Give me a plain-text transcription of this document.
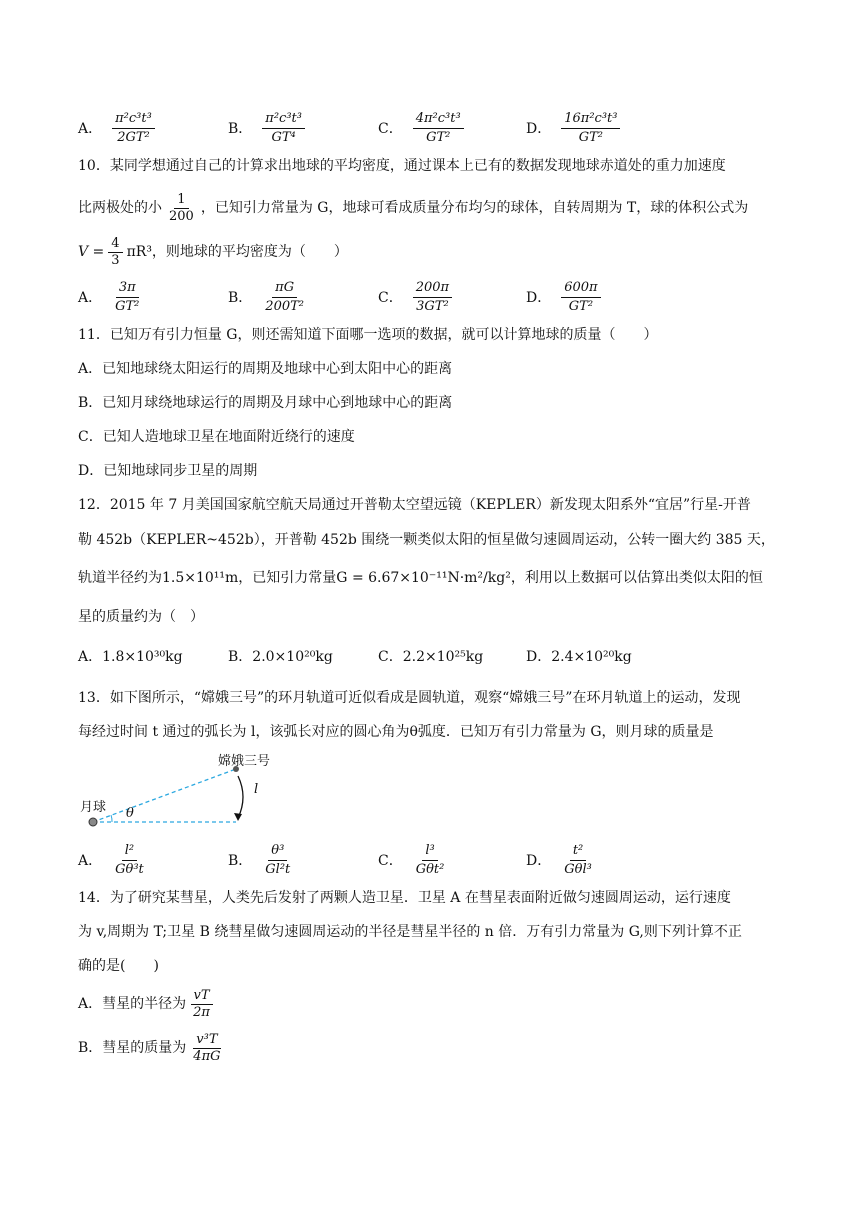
A． $\frac{\text{π²c³t³}}{\text{2GT²}}$	B． $\frac{\text{π²c³t³}}{\text{GT⁴}}$	C． $\frac{\text{4π²c³t³}}{\text{GT²}}$	D． $\frac{\text{16π²c³t³}}{\text{GT²}}$
10．某同学想通过自己的计算求出地球的平均密度，通过课本上已有的数据发现地球赤道处的重力加速度
比两极处的小 $\frac{1}{200}$ ，已知引力常量为 G，地球可看成质量分布均匀的球体，自转周期为 T，球的体积公式为
$V = \frac{4}{3} \pi R^3$，则地球的平均密度为（　　）
A． $\frac{3\pi}{\text{GT²}}$	B． $\frac{\pi G}{\text{200T²}}$	C． $\frac{200\pi}{\text{3GT²}}$	D． $\frac{600\pi}{\text{GT²}}$
11．已知万有引力恒量 G，则还需知道下面哪一选项的数据，就可以计算地球的质量（　　）
A．已知地球绕太阳运行的周期及地球中心到太阳中心的距离
B．已知月球绕地球运行的周期及月球中心到地球中心的距离
C．已知人造地球卫星在地面附近绕行的速度
D．已知地球同步卫星的周期
12．2015 年 7 月美国国家航空航天局通过开普勒太空望远镜（KEPLER）新发现太阳系外“宜居”行星-开普
勒 452b（KEPLER~452b），开普勒 452b 围绕一颗类似太阳的恒星做匀速圆周运动，公转一圈大约 385 天，
轨道半径约为1.5×10¹¹m，已知引力常量G = 6.67×10⁻¹¹N·m²/kg²，利用以上数据可以估算出类似太阳的恒
星的质量约为（　）
A．1.8×10³⁰kg	B．2.0×10²⁰kg	C．2.2×10²⁵kg	D．2.4×10²⁰kg
13．如下图所示，“嫦娥三号”的环月轨道可近似看成是圆轨道，观察“嫦娥三号”在环月轨道上的运动，发现
每经过时间 t 通过的弧长为 l，该弧长对应的圆心角为θ弧度．已知万有引力常量为 G，则月球的质量是
嫦娥三号
月球
l
θ
A． $\frac{\text{l²}}{\text{Gθ³t}}$	B． $\frac{\text{θ³}}{\text{Gl²t}}$	C． $\frac{\text{l³}}{\text{Gθt²}}$	D． $\frac{\text{t²}}{\text{Gθl³}}$
14．为了研究某彗星，人类先后发射了两颗人造卫星．卫星 A 在彗星表面附近做匀速圆周运动，运行速度
为 v,周期为 T;卫星 B 绕彗星做匀速圆周运动的半径是彗星半径的 n 倍．万有引力常量为 G,则下列计算不正
确的是(　　)
A．彗星的半径为 $\frac{vT}{2\pi}$
B．彗星的质量为 $\frac{\text{v³T}}{4\pi G}$
